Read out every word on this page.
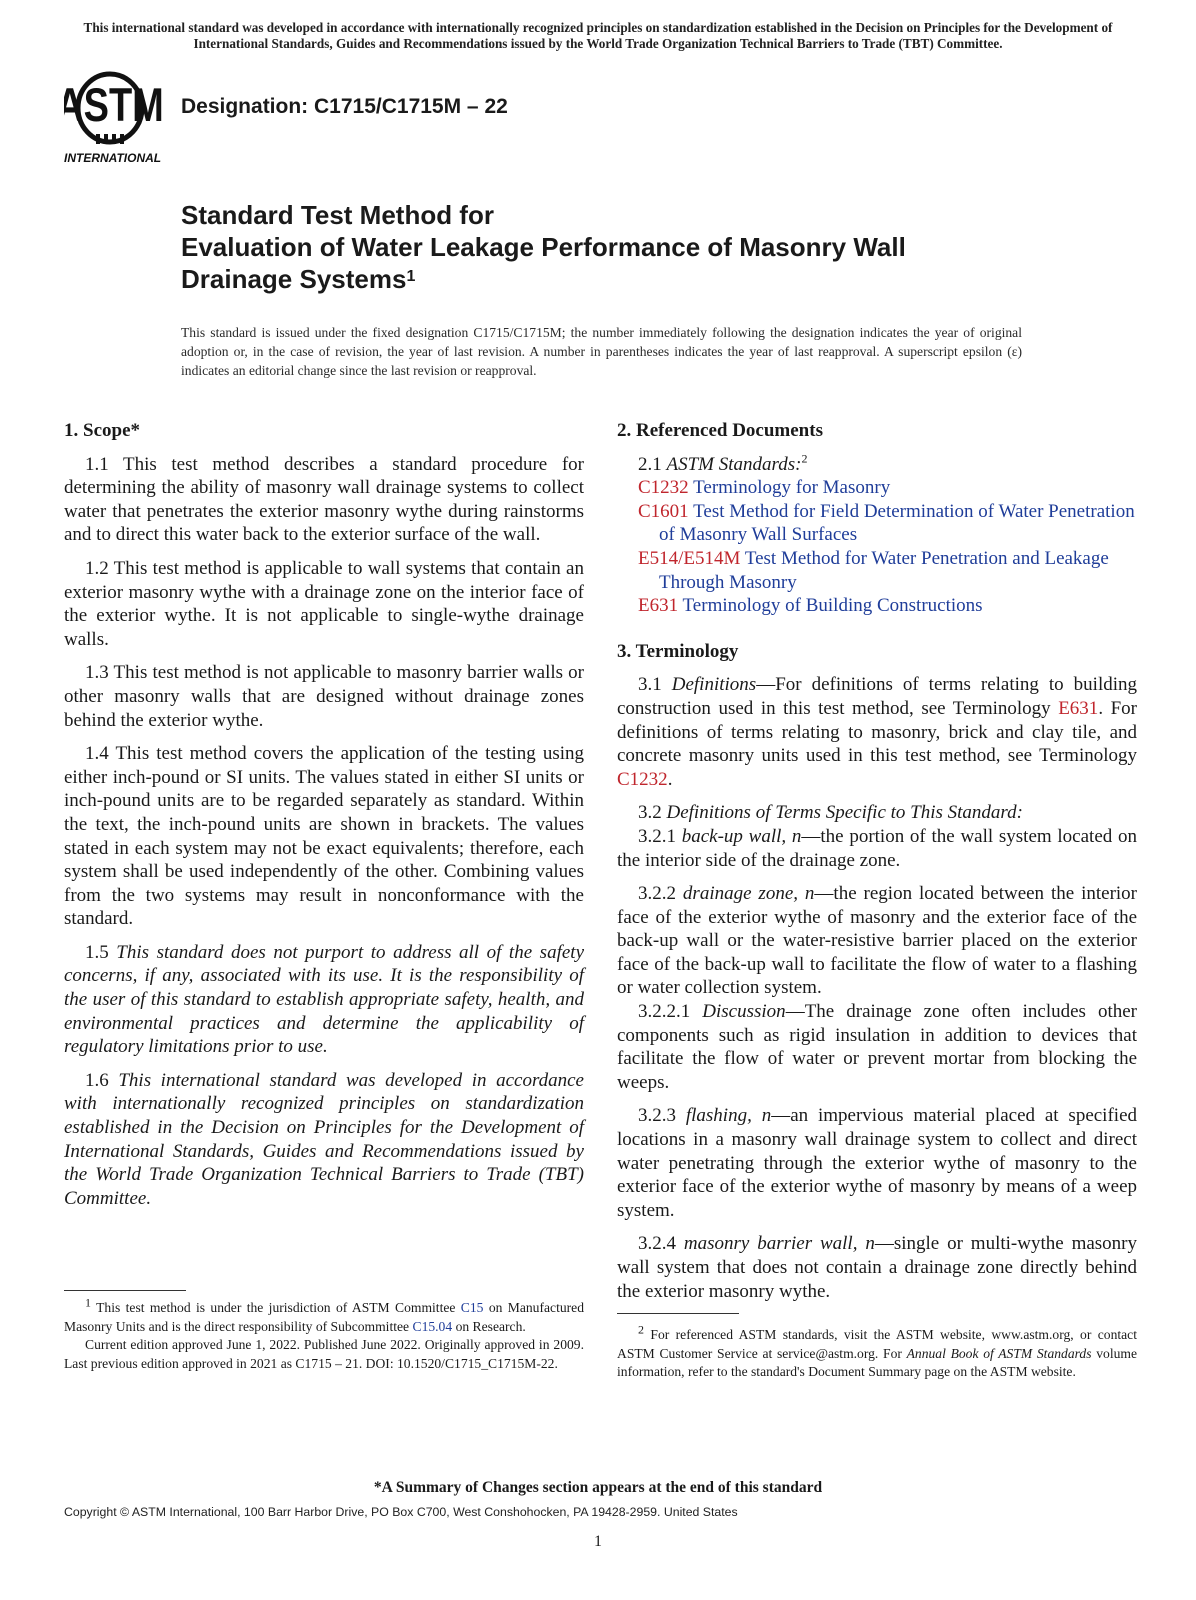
This international standard was developed in accordance with internationally recognized principles on standardization established in the Decision on Principles for the Development of International Standards, Guides and Recommendations issued by the World Trade Organization Technical Barriers to Trade (TBT) Committee.
ASTM
INTERNATIONAL
Designation: C1715/C1715M – 22
Standard Test Method for
Evaluation of Water Leakage Performance of Masonry Wall
Drainage Systems$^1$
This standard is issued under the fixed designation C1715/C1715M; the number immediately following the designation indicates the year of original adoption or, in the case of revision, the year of last revision. A number in parentheses indicates the year of last reapproval. A superscript epsilon (ε) indicates an editorial change since the last revision or reapproval.
1. Scope*

1.1 This test method describes a standard procedure for determining the ability of masonry wall drainage systems to collect water that penetrates the exterior masonry wythe during rainstorms and to direct this water back to the exterior surface of the wall.

1.2 This test method is applicable to wall systems that contain an exterior masonry wythe with a drainage zone on the interior face of the exterior wythe. It is not applicable to single-wythe drainage walls.

1.3 This test method is not applicable to masonry barrier walls or other masonry walls that are designed without drainage zones behind the exterior wythe.

1.4 This test method covers the application of the testing using either inch-pound or SI units. The values stated in either SI units or inch-pound units are to be regarded separately as standard. Within the text, the inch-pound units are shown in brackets. The values stated in each system may not be exact equivalents; therefore, each system shall be used independently of the other. Combining values from the two systems may result in nonconformance with the standard.

1.5 This standard does not purport to address all of the safety concerns, if any, associated with its use. It is the responsibility of the user of this standard to establish appropriate safety, health, and environmental practices and determine the applicability of regulatory limitations prior to use.

1.6 This international standard was developed in accordance with internationally recognized principles on standardization established in the Decision on Principles for the Development of International Standards, Guides and Recommendations issued by the World Trade Organization Technical Barriers to Trade (TBT) Committee.

1 This test method is under the jurisdiction of ASTM Committee C15 on Manufactured Masonry Units and is the direct responsibility of Subcommittee C15.04 on Research.

Current edition approved June 1, 2022. Published June 2022. Originally approved in 2009. Last previous edition approved in 2021 as C1715 – 21. DOI: 10.1520/C1715_C1715M-22.

2. Referenced Documents
2.1 ASTM Standards:$^2$
C1232 Terminology for Masonry
C1601 Test Method for Field Determination of Water Penetration of Masonry Wall Surfaces
E514/E514M Test Method for Water Penetration and Leakage Through Masonry
E631 Terminology of Building Constructions
3. Terminology

3.1 Definitions—For definitions of terms relating to building construction used in this test method, see Terminology E631. For definitions of terms relating to masonry, brick and clay tile, and concrete masonry units used in this test method, see Terminology C1232.

3.2 Definitions of Terms Specific to This Standard:

3.2.1 back-up wall, n—the portion of the wall system located on the interior side of the drainage zone.

3.2.2 drainage zone, n—the region located between the interior face of the exterior wythe of masonry and the exterior face of the back-up wall or the water-resistive barrier placed on the exterior face of the back-up wall to facilitate the flow of water to a flashing or water collection system.

3.2.2.1 Discussion—The drainage zone often includes other components such as rigid insulation in addition to devices that facilitate the flow of water or prevent mortar from blocking the weeps.

3.2.3 flashing, n—an impervious material placed at specified locations in a masonry wall drainage system to collect and direct water penetrating through the exterior wythe of masonry to the exterior face of the exterior wythe of masonry by means of a weep system.

3.2.4 masonry barrier wall, n—single or multi-wythe masonry wall system that does not contain a drainage zone directly behind the exterior masonry wythe.

2 For referenced ASTM standards, visit the ASTM website, www.astm.org, or contact ASTM Customer Service at service@astm.org. For Annual Book of ASTM Standards volume information, refer to the standard's Document Summary page on the ASTM website.

*A Summary of Changes section appears at the end of this standard
Copyright © ASTM International, 100 Barr Harbor Drive, PO Box C700, West Conshohocken, PA 19428-2959. United States
1
